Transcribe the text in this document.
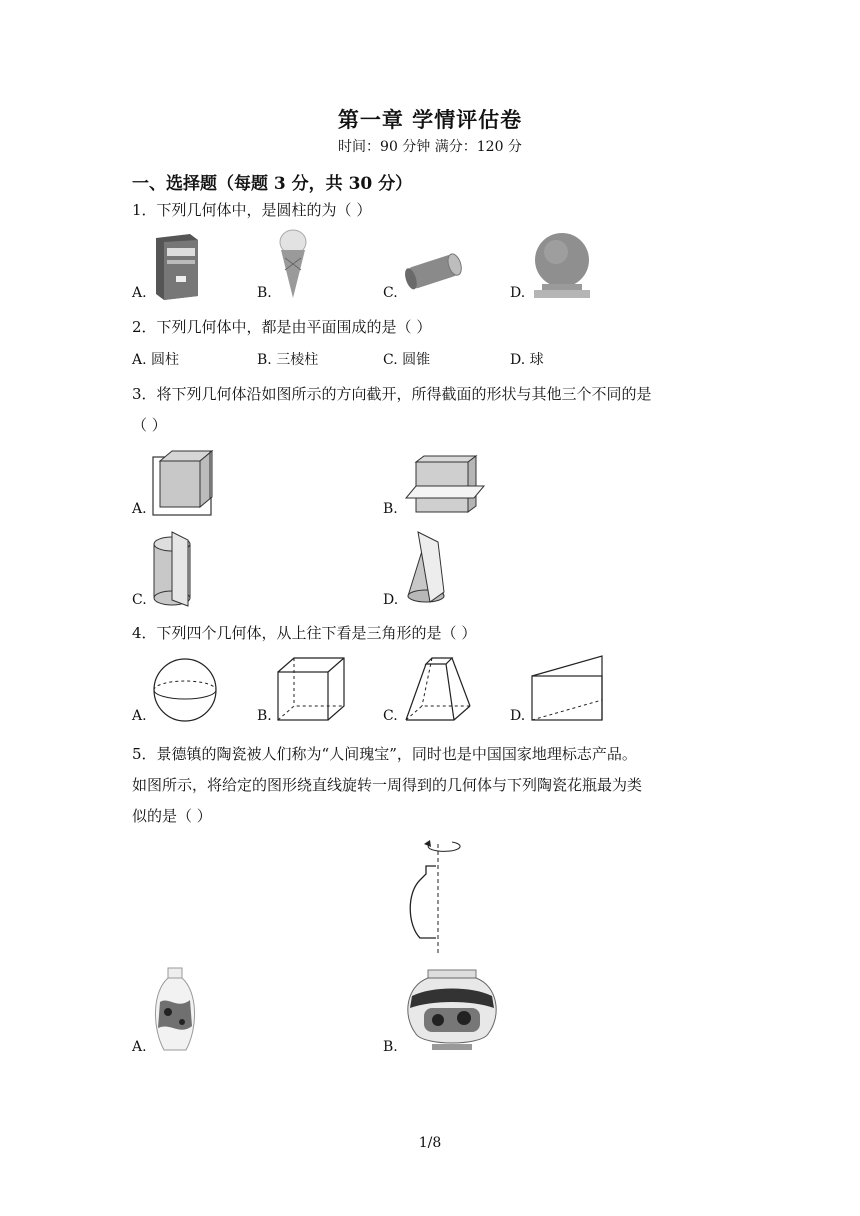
第一章 学情评估卷
时间：90 分钟 满分：120 分
一、选择题（每题 3 分，共 30 分）
1．下列几何体中，是圆柱的为（ ）
A.	B.	C.	D.
2．下列几何体中，都是由平面围成的是（ ）
A. 圆柱	B. 三棱柱	C. 圆锥	D. 球
3．将下列几何体沿如图所示的方向截开，所得截面的形状与其他三个不同的是
（ ）
A.	B.
C.	D.
4．下列四个几何体，从上往下看是三角形的是（ ）
A.	B.	C.	D.
5．景德镇的陶瓷被人们称为“人间瑰宝”，同时也是中国国家地理标志产品。
如图所示，将给定的图形绕直线旋转一周得到的几何体与下列陶瓷花瓶最为类
似的是（ ）
A.	B.
1/8
